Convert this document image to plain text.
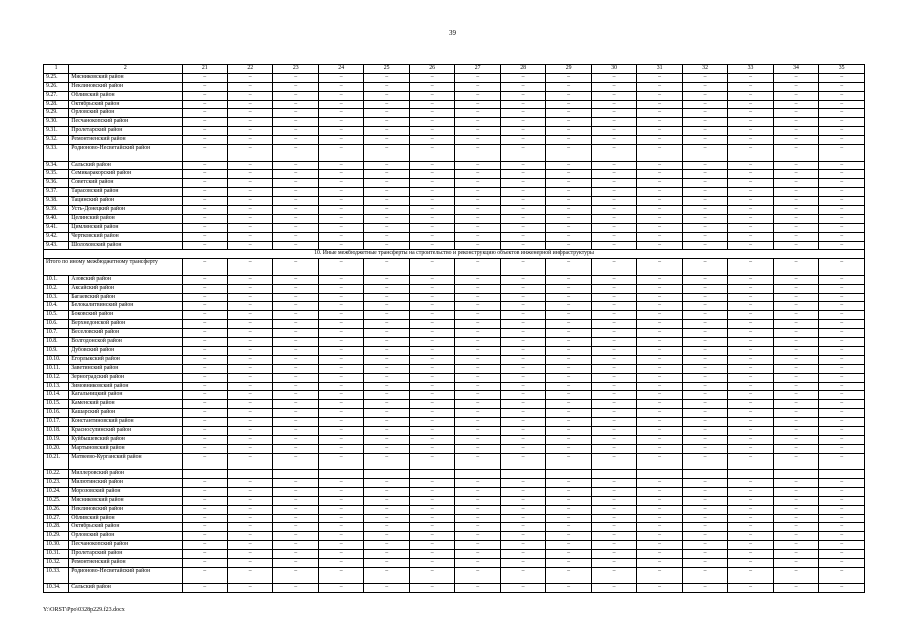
39
1	2	21	22	23	24	25	26	27	28	29	30	31	32	33	34	35
9.25.	Мясниковский район	–	–	–	–	–	–	–	–	–	–	–	–	–	–	–
9.26.	Неклиновский район	–	–	–	–	–	–	–	–	–	–	–	–	–	–	–
9.27.	Обливский район	–	–	–	–	–	–	–	–	–	–	–	–	–	–	–
9.28.	Октябрьский район	–	–	–	–	–	–	–	–	–	–	–	–	–	–	–
9.29.	Орловский район	–	–	–	–	–	–	–	–	–	–	–	–	–	–	–
9.30.	Песчанокопский район	–	–	–	–	–	–	–	–	–	–	–	–	–	–	–
9.31.	Пролетарский район	–	–	–	–	–	–	–	–	–	–	–	–	–	–	–
9.32.	Ремонтненский район	–	–	–	–	–	–	–	–	–	–	–	–	–	–	–
9.33.	Родионово-Несветайский район	–	–	–	–	–	–	–	–	–	–	–	–	–	–	–
9.34.	Сальский район	–	–	–	–	–	–	–	–	–	–	–	–	–	–	–
9.35.	Семикаракорский район	–	–	–	–	–	–	–	–	–	–	–	–	–	–	–
9.36.	Советский район	–	–	–	–	–	–	–	–	–	–	–	–	–	–	–
9.37.	Тарасовский район	–	–	–	–	–	–	–	–	–	–	–	–	–	–	–
9.38.	Тацинский район	–	–	–	–	–	–	–	–	–	–	–	–	–	–	–
9.39.	Усть-Донецкий район	–	–	–	–	–	–	–	–	–	–	–	–	–	–	–
9.40.	Целинский район	–	–	–	–	–	–	–	–	–	–	–	–	–	–	–
9.41.	Цимлянский район	–	–	–	–	–	–	–	–	–	–	–	–	–	–	–
9.42.	Чертковский район	–	–	–	–	–	–	–	–	–	–	–	–	–	–	–
9.43.	Шолоховский район	–	–	–	–	–	–	–	–	–	–	–	–	–	–	–
10. Иные межбюджетные трансферты на строительство и реконструкцию объектов инженерной инфраструктуры																
Итого по иному межбюджетному трансферту		–	–	–	–	–	–	–	–	–	–	–	–	–	–	–
10.1.	Азовский район	–	–	–	–	–	–	–	–	–	–	–	–	–	–	–
10.2.	Аксайский район	–	–	–	–	–	–	–	–	–	–	–	–	–	–	–
10.3.	Багаевский район	–	–	–	–	–	–	–	–	–	–	–	–	–	–	–
10.4.	Белокалитвинский район	–	–	–	–	–	–	–	–	–	–	–	–	–	–	–
10.5.	Боковский район	–	–	–	–	–	–	–	–	–	–	–	–	–	–	–
10.6.	Верхнедонской район	–	–	–	–	–	–	–	–	–	–	–	–	–	–	–
10.7.	Веселовский район	–	–	–	–	–	–	–	–	–	–	–	–	–	–	–
10.8.	Волгодонской район	–	–	–	–	–	–	–	–	–	–	–	–	–	–	–
10.9.	Дубовский район	–	–	–	–	–	–	–	–	–	–	–	–	–	–	–
10.10.	Егорлыкский район	–	–	–	–	–	–	–	–	–	–	–	–	–	–	–
10.11.	Заветинский район	–	–	–	–	–	–	–	–	–	–	–	–	–	–	–
10.12.	Зерноградский район	–	–	–	–	–	–	–	–	–	–	–	–	–	–	–
10.13.	Зимовниковский район	–	–	–	–	–	–	–	–	–	–	–	–	–	–	–
10.14.	Кагальницкий район	–	–	–	–	–	–	–	–	–	–	–	–	–	–	–
10.15.	Каменский район	–	–	–	–	–	–	–	–	–	–	–	–	–	–	–
10.16.	Кашарский район	–	–	–	–	–	–	–	–	–	–	–	–	–	–	–
10.17.	Константиновский район	–	–	–	–	–	–	–	–	–	–	–	–	–	–	–
10.18.	Красносулинский район	–	–	–	–	–	–	–	–	–	–	–	–	–	–	–
10.19.	Куйбышевский район	–	–	–	–	–	–	–	–	–	–	–	–	–	–	–
10.20.	Мартыновский район	–	–	–	–	–	–	–	–	–	–	–	–	–	–	–
10.21.	Матвеево-Курганский район	–	–	–	–	–	–	–	–	–	–	–	–	–	–	–
10.22.	Миллеровский район															
10.23.	Милютинский район	–	–	–	–	–	–	–	–	–	–	–	–	–	–	–
10.24.	Морозовский район	–	–	–	–	–	–	–	–	–	–	–	–	–	–	–
10.25.	Мясниковский район	–	–	–	–	–	–	–	–	–	–	–	–	–	–	–
10.26.	Неклиновский район	–	–	–	–	–	–	–	–	–	–	–	–	–	–	–
10.27.	Обливский район	–	–	–	–	–	–	–	–	–	–	–	–	–	–	–
10.28.	Октябрьский район	–	–	–	–	–	–	–	–	–	–	–	–	–	–	–
10.29.	Орловский район	–	–	–	–	–	–	–	–	–	–	–	–	–	–	–
10.30.	Песчанокопский район	–	–	–	–	–	–	–	–	–	–	–	–	–	–	–
10.31.	Пролетарский район	–	–	–	–	–	–	–	–	–	–	–	–	–	–	–
10.32.	Ремонтненский район	–	–	–	–	–	–	–	–	–	–	–	–	–	–	–
10.33.	Родионово-Несветайский район	–	–	–	–	–	–	–	–	–	–	–	–	–	–	–
10.34.	Сальский район	–	–	–	–	–	–	–	–	–	–	–	–	–	–	–
Y:\ORST\Ppo\0328p229.f23.docx
